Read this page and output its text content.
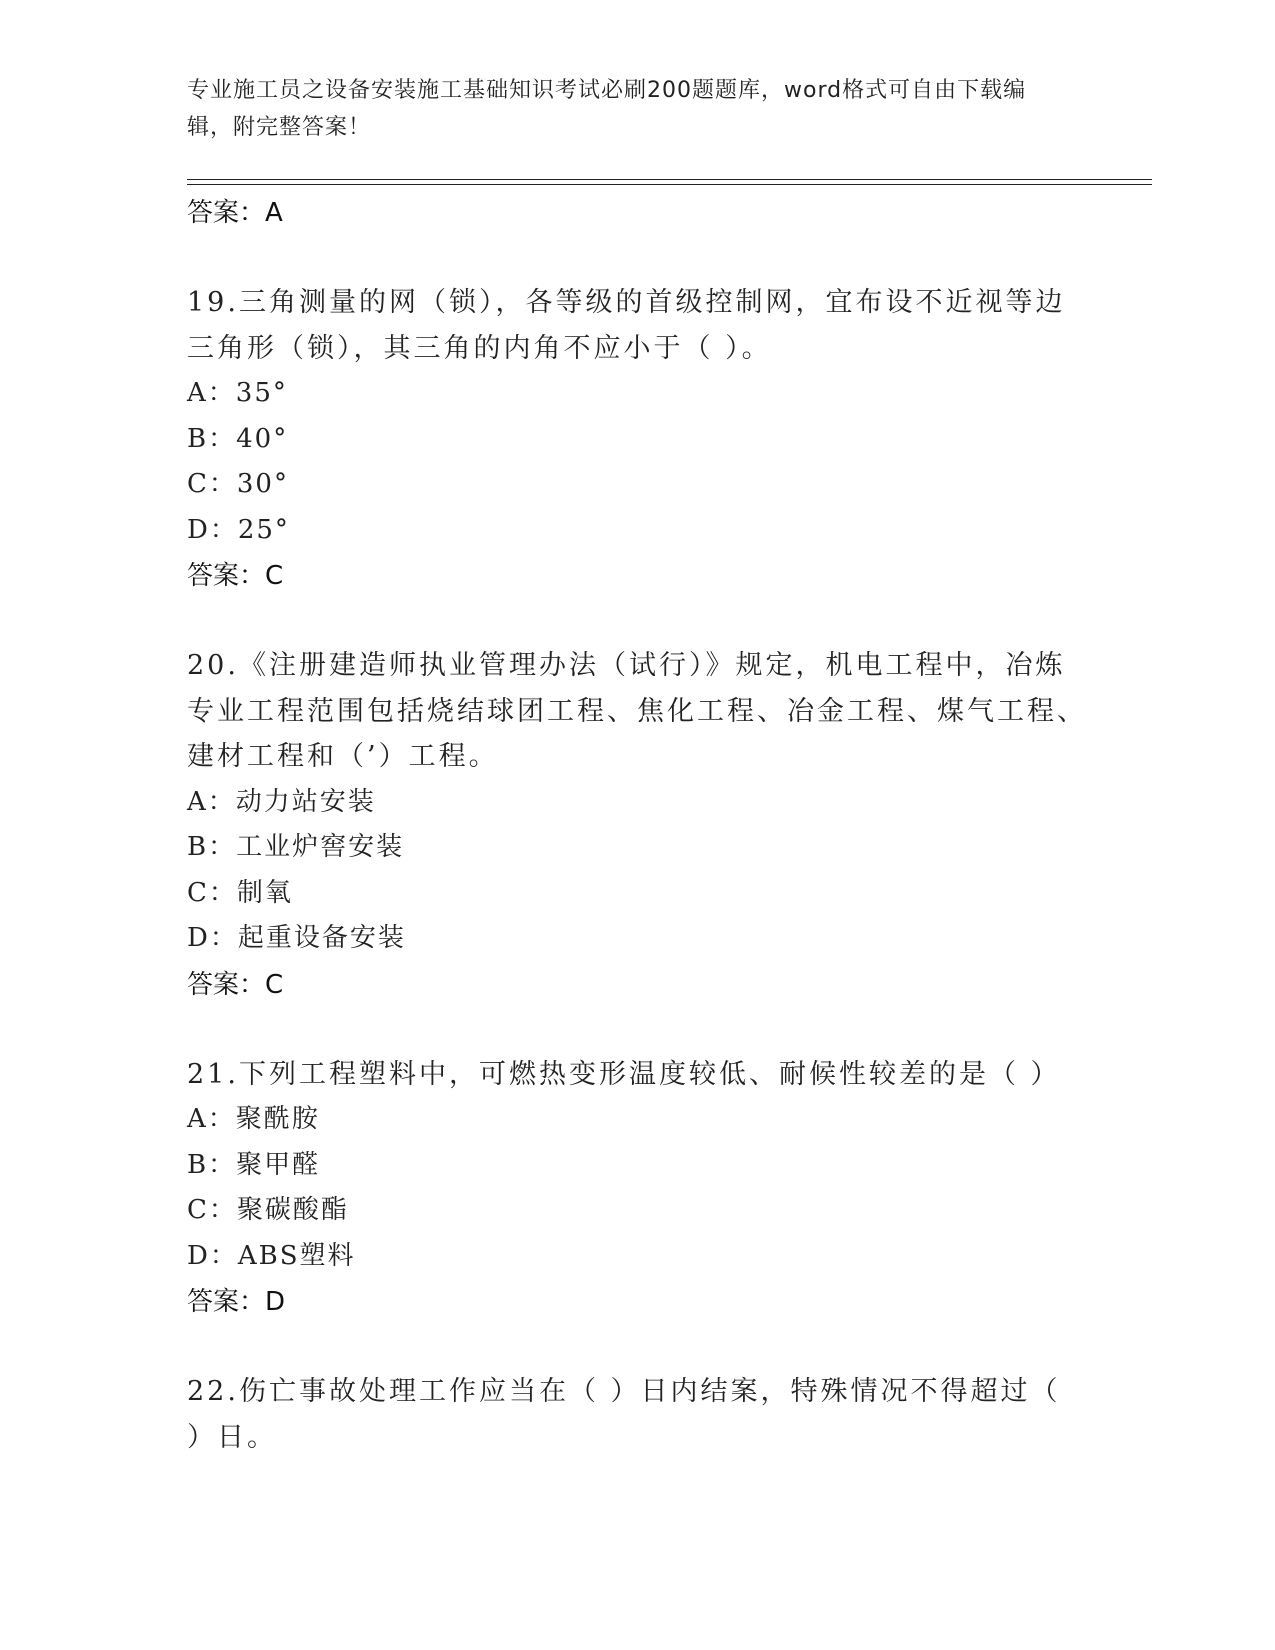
专业施工员之设备安装施工基础知识考试必刷200题题库，word格式可自由下载编辑，附完整答案！
答案：A
19.三角测量的网（锁），各等级的首级控制网，宜布设不近视等边三角形（锁），其三角的内角不应小于（ ）。
A：35°
B：40°
C：30°
D：25°
答案：C
20.《注册建造师执业管理办法（试行）》规定，机电工程中，冶炼专业工程范围包括烧结球团工程、焦化工程、冶金工程、煤气工程、建材工程和（’）工程。
A：动力站安装
B：工业炉窖安装
C：制氧
D：起重设备安装
答案：C
21.下列工程塑料中，可燃热变形温度较低、耐候性较差的是（ ）
A：聚酰胺
B：聚甲醛
C：聚碳酸酯
D：ABS塑料
答案：D
22.伤亡事故处理工作应当在（ ）日内结案，特殊情况不得超过（ ）日。
